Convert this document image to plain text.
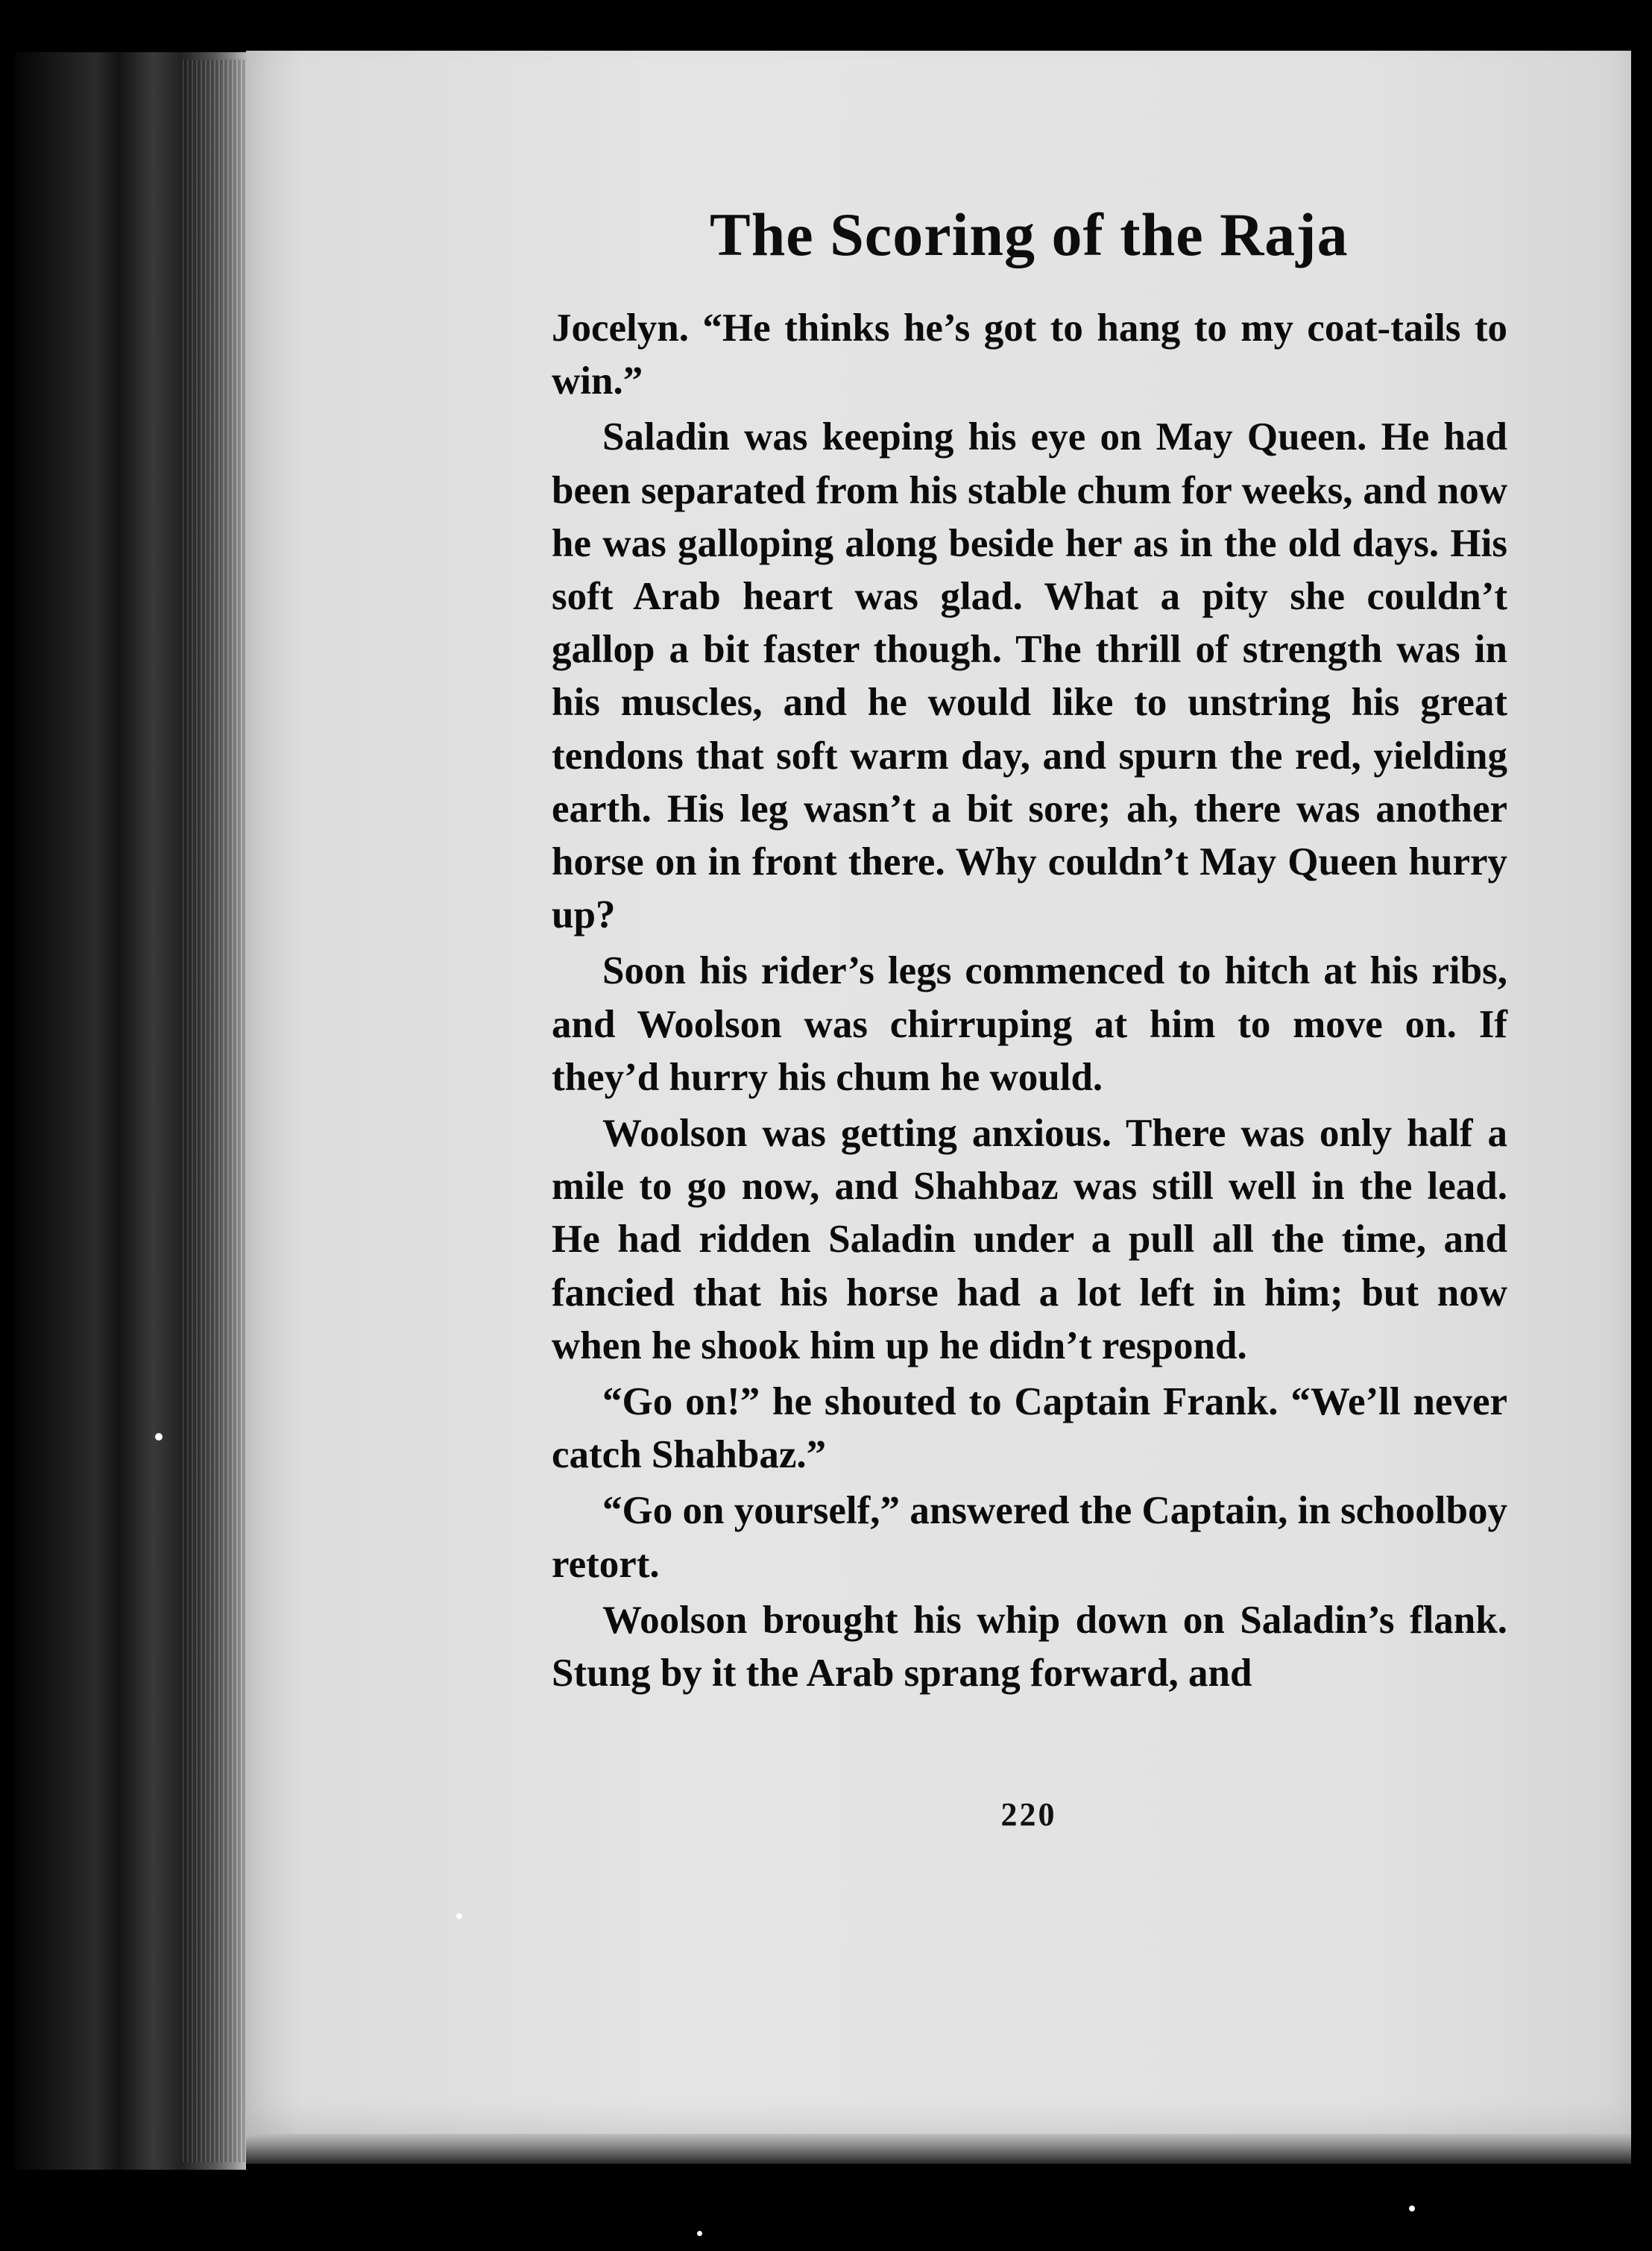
The Scoring of the Raja

Jocelyn. “He thinks he’s got to hang to my coat-tails to win.”

Saladin was keeping his eye on May Queen. He had been separated from his stable chum for weeks, and now he was galloping along beside her as in the old days. His soft Arab heart was glad. What a pity she couldn’t gallop a bit faster though. The thrill of strength was in his muscles, and he would like to unstring his great tendons that soft warm day, and spurn the red, yielding earth. His leg wasn’t a bit sore; ah, there was another horse on in front there. Why couldn’t May Queen hurry up?

Soon his rider’s legs commenced to hitch at his ribs, and Woolson was chirruping at him to move on. If they’d hurry his chum he would.

Woolson was getting anxious. There was only half a mile to go now, and Shahbaz was still well in the lead. He had ridden Saladin under a pull all the time, and fancied that his horse had a lot left in him; but now when he shook him up he didn’t respond.

“Go on!” he shouted to Captain Frank. “We’ll never catch Shahbaz.”

“Go on yourself,” answered the Captain, in schoolboy retort.

Woolson brought his whip down on Saladin’s flank. Stung by it the Arab sprang forward, and

220
